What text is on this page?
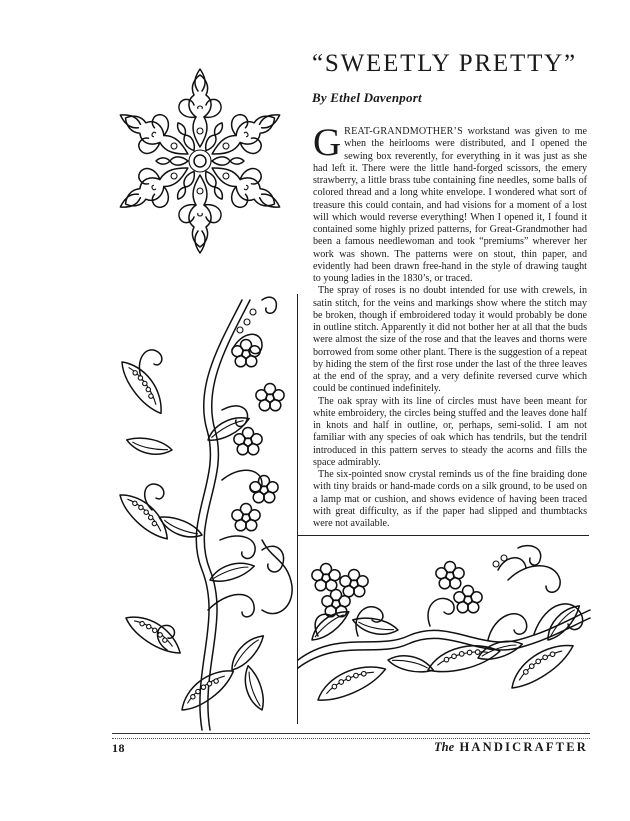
“SWEETLY PRETTY”
By Ethel Davenport

GREAT-GRANDMOTHER’S workstand was given to me when the heirlooms were distributed, and I opened the sewing box reverently, for everything in it was just as she had left it. There were the little hand-forged scissors, the emery strawberry, a little brass tube containing fine needles, some balls of colored thread and a long white envelope. I wondered what sort of treasure this could contain, and had visions for a moment of a lost will which would reverse everything! When I opened it, I found it contained some highly prized patterns, for Great-Grandmother had been a famous needlewoman and took “premiums” wherever her work was shown. The patterns were on stout, thin paper, and evidently had been drawn free-hand in the style of drawing taught to young ladies in the 1830’s, or traced.

The spray of roses is no doubt intended for use with crewels, in satin stitch, for the veins and markings show where the stitch may be broken, though if embroidered today it would probably be done in outline stitch. Apparently it did not bother her at all that the buds were almost the size of the rose and that the leaves and thorns were borrowed from some other plant. There is the suggestion of a repeat by hiding the stem of the first rose under the last of the three leaves at the end of the spray, and a very definite reversed curve which could be continued indefinitely.

The oak spray with its line of circles must have been meant for white embroidery, the circles being stuffed and the leaves done half in knots and half in outline, or, perhaps, semi-solid. I am not familiar with any species of oak which has tendrils, but the tendril introduced in this pattern serves to steady the acorns and fills the space admirably.

The six-pointed snow crystal reminds us of the fine braiding done with tiny braids or hand-made cords on a silk ground, to be used on a lamp mat or cushion, and shows evidence of having been traced with great difficulty, as if the paper had slipped and thumbtacks were not available.

18	The HANDICRAFTER
